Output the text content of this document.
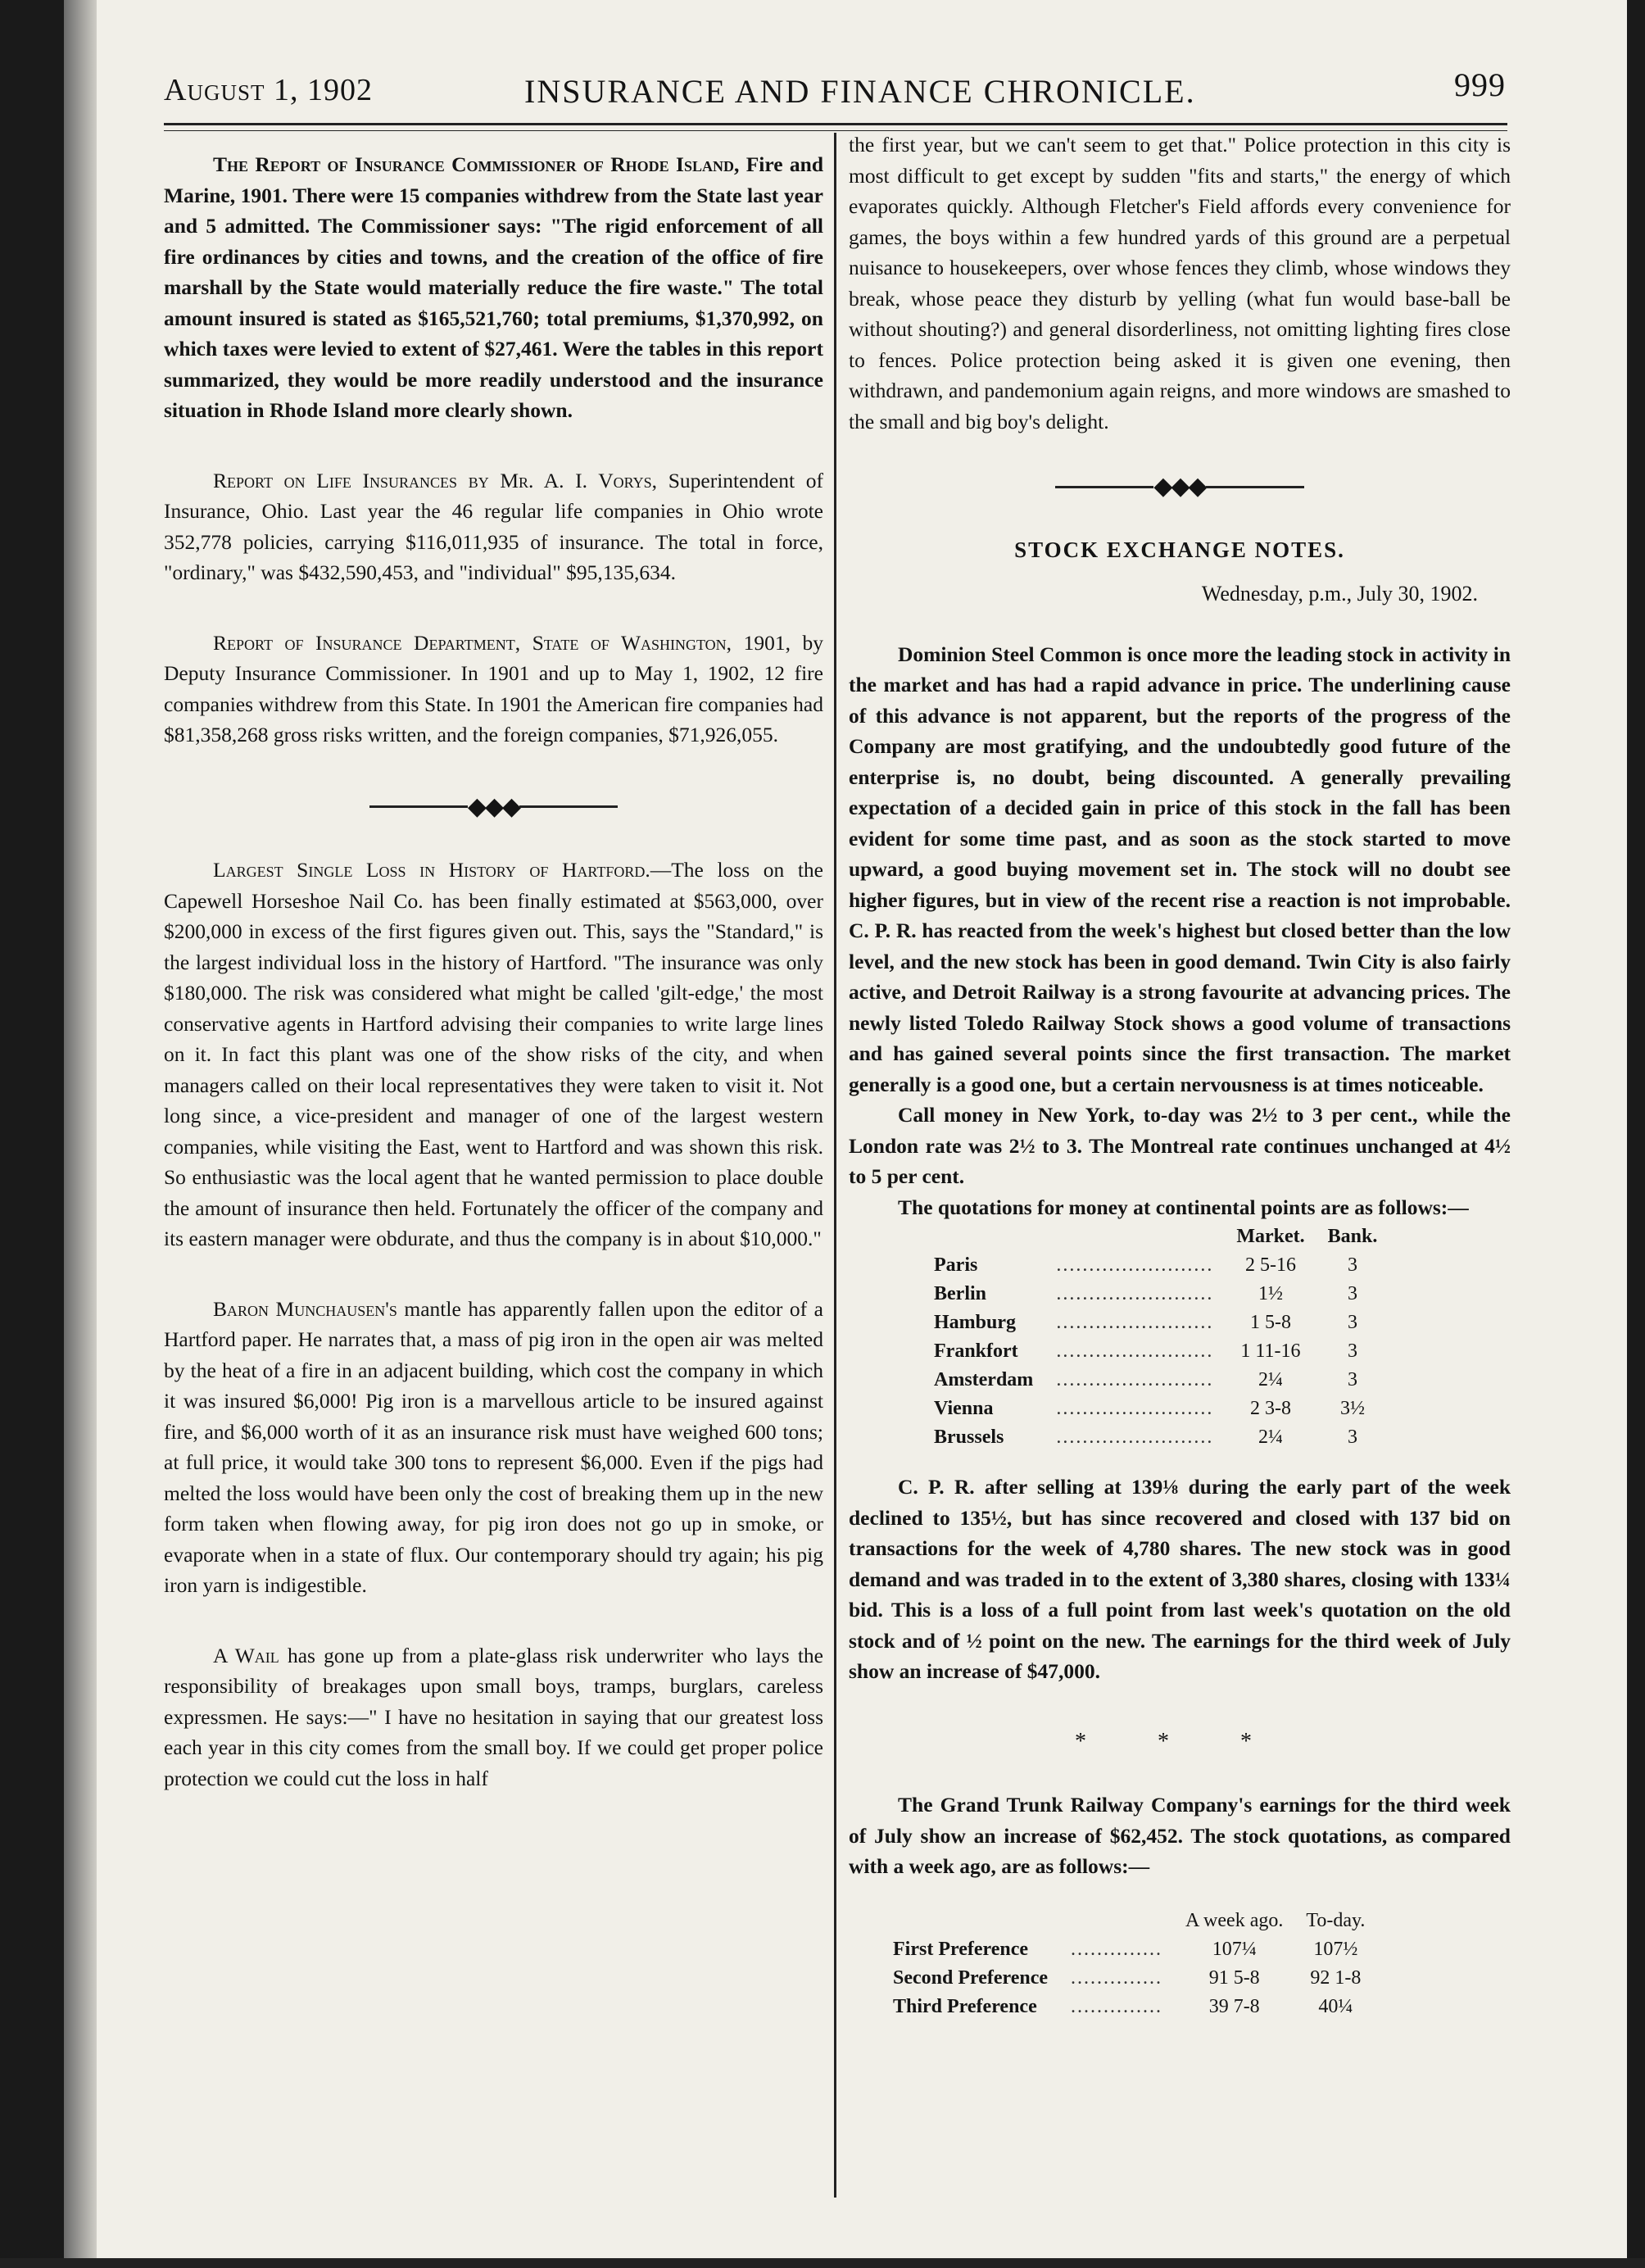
August 1, 1902	INSURANCE AND FINANCE CHRONICLE.	999

The Report of Insurance Commissioner of Rhode Island, Fire and Marine, 1901. There were 15 companies withdrew from the State last year and 5 admitted. The Commissioner says: "The rigid enforcement of all fire ordinances by cities and towns, and the creation of the office of fire marshall by the State would materially reduce the fire waste." The total amount insured is stated as $165,521,760; total premiums, $1,370,992, on which taxes were levied to extent of $27,461. Were the tables in this report summarized, they would be more readily understood and the insurance situation in Rhode Island more clearly shown.

Report on Life Insurances by Mr. A. I. Vorys, Superintendent of Insurance, Ohio. Last year the 46 regular life companies in Ohio wrote 352,778 policies, carrying $116,011,935 of insurance. The total in force, "ordinary," was $432,590,453, and "individual" $95,135,634.

Report of Insurance Department, State of Washington, 1901, by Deputy Insurance Commissioner. In 1901 and up to May 1, 1902, 12 fire companies withdrew from this State. In 1901 the American fire companies had $81,358,268 gross risks written, and the foreign companies, $71,926,055.

◆◆◆

Largest Single Loss in History of Hartford.—The loss on the Capewell Horseshoe Nail Co. has been finally estimated at $563,000, over $200,000 in excess of the first figures given out. This, says the "Standard," is the largest individual loss in the history of Hartford. "The insurance was only $180,000. The risk was considered what might be called 'gilt-edge,' the most conservative agents in Hartford advising their companies to write large lines on it. In fact this plant was one of the show risks of the city, and when managers called on their local representatives they were taken to visit it. Not long since, a vice-president and manager of one of the largest western companies, while visiting the East, went to Hartford and was shown this risk. So enthusiastic was the local agent that he wanted permission to place double the amount of insurance then held. Fortunately the officer of the company and its eastern manager were obdurate, and thus the company is in about $10,000."

Baron Munchausen's mantle has apparently fallen upon the editor of a Hartford paper. He narrates that, a mass of pig iron in the open air was melted by the heat of a fire in an adjacent building, which cost the company in which it was insured $6,000! Pig iron is a marvellous article to be insured against fire, and $6,000 worth of it as an insurance risk must have weighed 600 tons; at full price, it would take 300 tons to represent $6,000. Even if the pigs had melted the loss would have been only the cost of breaking them up in the new form taken when flowing away, for pig iron does not go up in smoke, or evaporate when in a state of flux. Our contemporary should try again; his pig iron yarn is indigestible.

A Wail has gone up from a plate-glass risk underwriter who lays the responsibility of breakages upon small boys, tramps, burglars, careless expressmen. He says:—" I have no hesitation in saying that our greatest loss each year in this city comes from the small boy. If we could get proper police protection we could cut the loss in half

the first year, but we can't seem to get that." Police protection in this city is most difficult to get except by sudden "fits and starts," the energy of which evaporates quickly. Although Fletcher's Field affords every convenience for games, the boys within a few hundred yards of this ground are a perpetual nuisance to housekeepers, over whose fences they climb, whose windows they break, whose peace they disturb by yelling (what fun would base-ball be without shouting?) and general disorderliness, not omitting lighting fires close to fences. Police protection being asked it is given one evening, then withdrawn, and pandemonium again reigns, and more windows are smashed to the small and big boy's delight.

◆◆◆
STOCK EXCHANGE NOTES.
Wednesday, p.m., July 30, 1902.

Dominion Steel Common is once more the leading stock in activity in the market and has had a rapid advance in price. The underlining cause of this advance is not apparent, but the reports of the progress of the Company are most gratifying, and the undoubtedly good future of the enterprise is, no doubt, being discounted. A generally prevailing expectation of a decided gain in price of this stock in the fall has been evident for some time past, and as soon as the stock started to move upward, a good buying movement set in. The stock will no doubt see higher figures, but in view of the recent rise a reaction is not improbable. C. P. R. has reacted from the week's highest but closed better than the low level, and the new stock has been in good demand. Twin City is also fairly active, and Detroit Railway is a strong favourite at advancing prices. The newly listed Toledo Railway Stock shows a good volume of transactions and has gained several points since the first transaction. The market generally is a good one, but a certain nervousness is at times noticeable.

Call money in New York, to-day was 2½ to 3 per cent., while the London rate was 2½ to 3. The Montreal rate continues unchanged at 4½ to 5 per cent.

The quotations for money at continental points are as follows:—

		Market.	Bank.
Paris	........................	2 5-16	3
Berlin	........................	1½	3
Hamburg	........................	1 5-8	3
Frankfort	........................	1 11-16	3
Amsterdam	........................	2¼	3
Vienna	........................	2 3-8	3½
Brussels	........................	2¼	3

C. P. R. after selling at 139⅛ during the early part of the week declined to 135½, but has since recovered and closed with 137 bid on transactions for the week of 4,780 shares. The new stock was in good demand and was traded in to the extent of 3,380 shares, closing with 133¼ bid. This is a loss of a full point from last week's quotation on the old stock and of ½ point on the new. The earnings for the third week of July show an increase of $47,000.

* * *

The Grand Trunk Railway Company's earnings for the third week of July show an increase of $62,452. The stock quotations, as compared with a week ago, are as follows:—

		A week ago.	To-day.
First Preference	..............	107¼	107½
Second Preference	..............	91 5-8	92 1-8
Third Preference	..............	39 7-8	40¼
